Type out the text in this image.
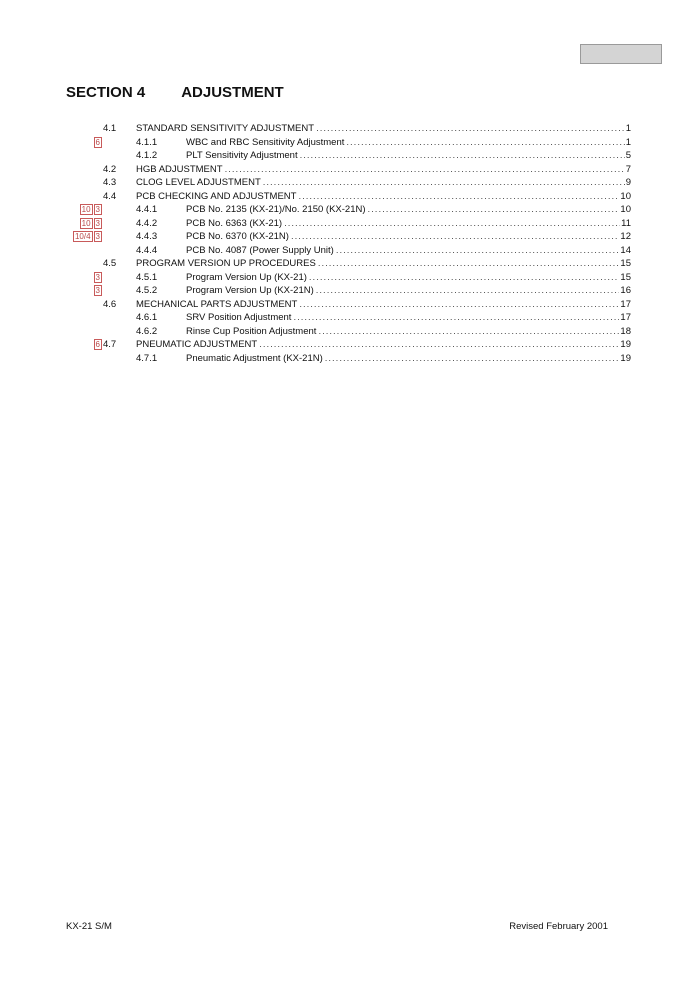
SECTION 4 ADJUSTMENT
4.1 STANDARD SENSITIVITY ADJUSTMENT .....	1
6	4.1.1	WBC and RBC Sensitivity Adjustment .....	1
4.1.2	PLT Sensitivity Adjustment .....	5
4.2 HGB ADJUSTMENT .....	7
4.3 CLOG LEVEL ADJUSTMENT .....	9
4.4 PCB CHECKING AND ADJUSTMENT .....	10
10 3	4.4.1	PCB No. 2135 (KX-21)/No. 2150 (KX-21N) .....	10
10 3	4.4.2	PCB No. 6363 (KX-21) .....	11
10/4 3	4.4.3	PCB No. 6370 (KX-21N) .....	12
4.4.4	PCB No. 4087 (Power Supply Unit) .....	14
4.5 PROGRAM VERSION UP PROCEDURES .....	15
3	4.5.1	Program Version Up (KX-21) .....	15
3	4.5.2	Program Version Up (KX-21N) .....	16
4.6 MECHANICAL PARTS ADJUSTMENT .....	17
4.6.1	SRV Position Adjustment .....	17
4.6.2	Rinse Cup Position Adjustment .....	18
6 4.7 PNEUMATIC ADJUSTMENT .....	19
4.7.1	Pneumatic Adjustment (KX-21N) .....	19
KX-21 S/M	Revised February 2001
